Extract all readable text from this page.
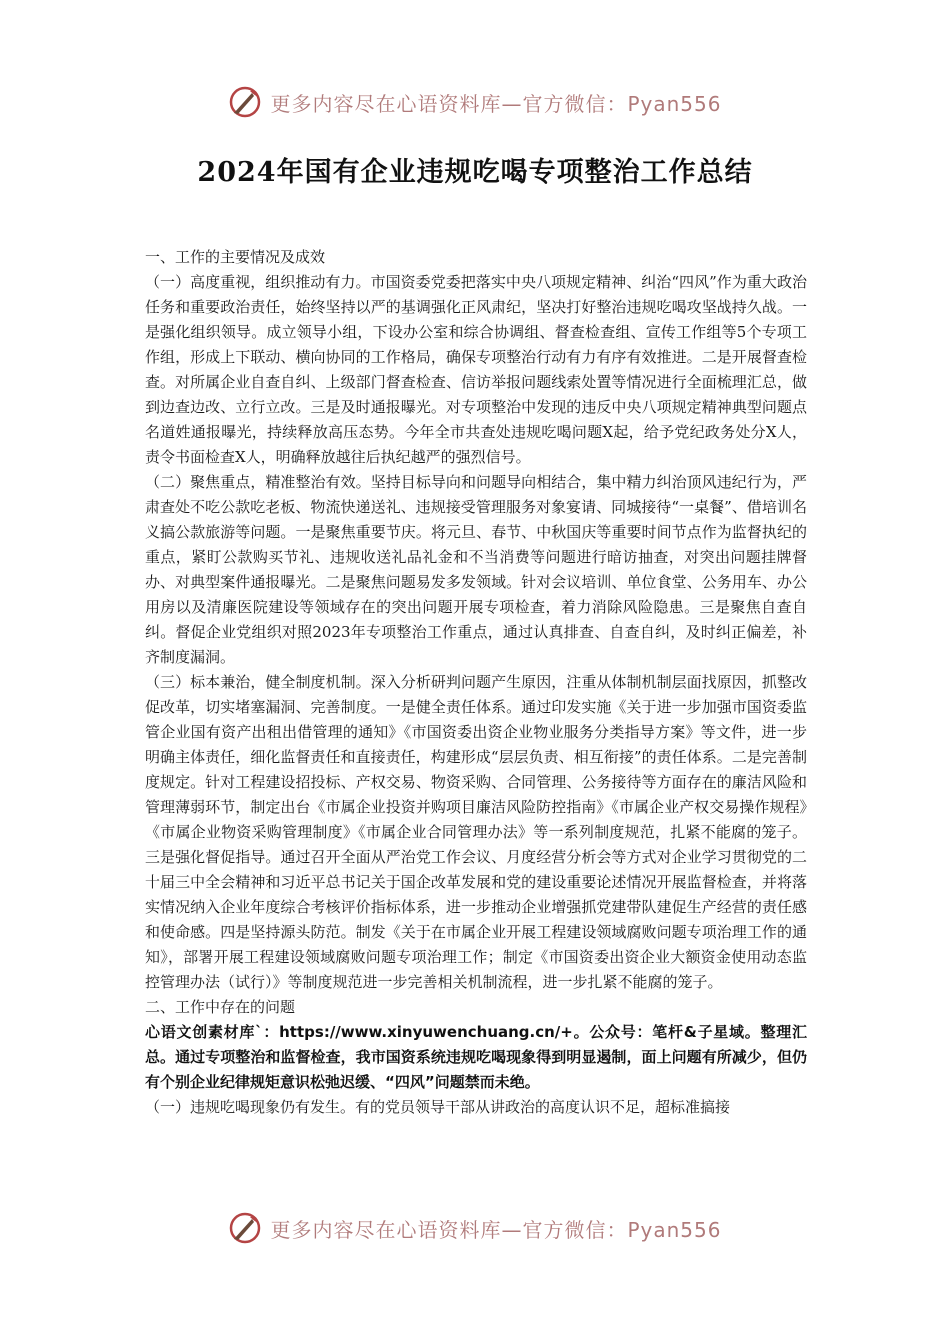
更多内容尽在心语资料库—官方微信：Pyan556
2024年国有企业违规吃喝专项整治工作总结

一、工作的主要情况及成效

（一）高度重视，组织推动有力。市国资委党委把落实中央八项规定精神、纠治“四风”作为重大政治任务和重要政治责任，始终坚持以严的基调强化正风肃纪，坚决打好整治违规吃喝攻坚战持久战。一是强化组织领导。成立领导小组，下设办公室和综合协调组、督查检查组、宣传工作组等5个专项工作组，形成上下联动、横向协同的工作格局，确保专项整治行动有力有序有效推进。二是开展督查检查。对所属企业自查自纠、上级部门督查检查、信访举报问题线索处置等情况进行全面梳理汇总，做到边查边改、立行立改。三是及时通报曝光。对专项整治中发现的违反中央八项规定精神典型问题点名道姓通报曝光，持续释放高压态势。今年全市共查处违规吃喝问题X起，给予党纪政务处分X人，责令书面检查X人，明确释放越往后执纪越严的强烈信号。

（二）聚焦重点，精准整治有效。坚持目标导向和问题导向相结合，集中精力纠治顶风违纪行为，严肃查处不吃公款吃老板、物流快递送礼、违规接受管理服务对象宴请、同城接待“一桌餐”、借培训名义搞公款旅游等问题。一是聚焦重要节庆。将元旦、春节、中秋国庆等重要时间节点作为监督执纪的重点，紧盯公款购买节礼、违规收送礼品礼金和不当消费等问题进行暗访抽查，对突出问题挂牌督办、对典型案件通报曝光。二是聚焦问题易发多发领域。针对会议培训、单位食堂、公务用车、办公用房以及清廉医院建设等领域存在的突出问题开展专项检查，着力消除风险隐患。三是聚焦自查自纠。督促企业党组织对照2023年专项整治工作重点，通过认真排查、自查自纠，及时纠正偏差，补齐制度漏洞。

（三）标本兼治，健全制度机制。深入分析研判问题产生原因，注重从体制机制层面找原因，抓整改促改革，切实堵塞漏洞、完善制度。一是健全责任体系。通过印发实施《关于进一步加强市国资委监管企业国有资产出租出借管理的通知》《市国资委出资企业物业服务分类指导方案》等文件，进一步明确主体责任，细化监督责任和直接责任，构建形成“层层负责、相互衔接”的责任体系。二是完善制度规定。针对工程建设招投标、产权交易、物资采购、合同管理、公务接待等方面存在的廉洁风险和管理薄弱环节，制定出台《市属企业投资并购项目廉洁风险防控指南》《市属企业产权交易操作规程》《市属企业物资采购管理制度》《市属企业合同管理办法》等一系列制度规范，扎紧不能腐的笼子。三是强化督促指导。通过召开全面从严治党工作会议、月度经营分析会等方式对企业学习贯彻党的二十届三中全会精神和习近平总书记关于国企改革发展和党的建设重要论述情况开展监督检查，并将落实情况纳入企业年度综合考核评价指标体系，进一步推动企业增强抓党建带队建促生产经营的责任感和使命感。四是坚持源头防范。制发《关于在市属企业开展工程建设领域腐败问题专项治理工作的通知》，部署开展工程建设领域腐败问题专项治理工作；制定《市国资委出资企业大额资金使用动态监控管理办法（试行）》等制度规范进一步完善相关机制流程，进一步扎紧不能腐的笼子。

二、工作中存在的问题

心语文创素材库`：https://www.xinyuwenchuang.cn/+。公众号：笔杆&子星域。整理汇总。通过专项整治和监督检查，我市国资系统违规吃喝现象得到明显遏制，面上问题有所减少，但仍有个别企业纪律规矩意识松弛迟缓、“四风”问题禁而未绝。

（一）违规吃喝现象仍有发生。有的党员领导干部从讲政治的高度认识不足，超标准搞接

更多内容尽在心语资料库—官方微信：Pyan556
